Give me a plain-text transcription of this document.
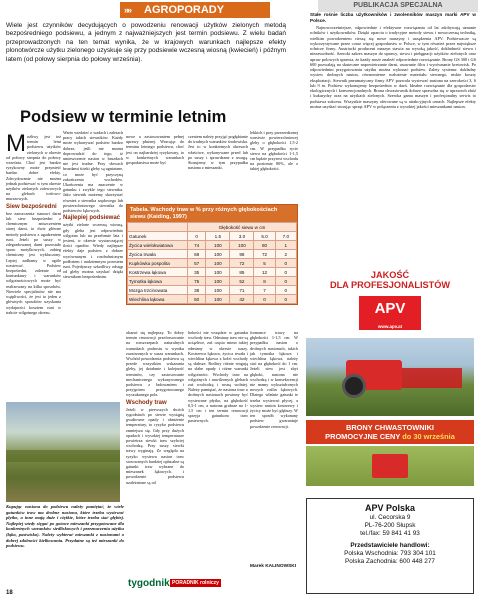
»» AGROPORADY	PUBLIKACJA SPECJALNA
Wiele jest czynników decydujących o powodzeniu renowacji użytków zielonych metodą bezpośredniego podsiewu, a jednym z najważniejszych jest termin podsiewu. Z wielu badań przeprowadzonych na ten temat wynika, że w krajowych warunkach najlepsze efekty plonotwórcze użytku zielonego uzyskuje się przy podsiewie wczesną wiosną (kwiecień) i późnym latem (od połowy sierpnia do połowy września).
Podsiew w terminie letnim
M ożliwy jest też termin letni podsiewu użytków zielonych w okresie od połowy sierpnia do połowy września. Choć jest bardzo ryzykowny może przynieść bardzo dobre efekty. Zdecydowanie nie można jednak podsiewać w tym okresie użytków zielonych zalewowych na glebach torfowo-murszowych.
Siew bezpośredni
bez zaoszczenia stanowi darni lub siew bezpośredni z chemicznym zniszczeniem starej darni, to dwie główne metody podsiewu z ugadzeniem runi. Jeżeli po suszy w zdegradowanej darni pozostało sporo motylkowych, zabieg chemiczny jest wykluczony. Lepiej zadbamy w ogóle rozsiewać. Podsiew bezpośredni, zależnie od koniunktury i warunków wilgotnościowych może być realizowany na kilka sposobów. Niewiele specjalistów nie ma wątpliwości, że jest to jeden z głównych sposobów uzyskania wydajności kosztem runi w trakcie wilgotnego okresu.
Warto wiedzieć o wadach i zaletach pracy takich siewników. Każdy może wykonywać podsiew bardzo dobrze, jeśli nie można doprowadzić do tego, iż umieszczenie nasion w bruzdach nie jest trudne. Przy słowach bruzdami ścieki gleby są ugniatane, co może być przyczyną zakończenia wschodów. Ukończenia ma znaczenie w gatunku i zwykle tego siewnika. Jako siewnik możemy skorzystać również z siewnika rzędowego lub powierzchniowego siewnika do podsiewów łąkowych.
Najlepiej podsiewać
użytki zielone wczesną wiosną, gdy gleba jest odpowiednio wilgotna lub na przełomie lata i jesieni, w okresie wystarczającej ilości opadów. Wtedy najlepsze efekty daje podsiew z dobrze wyrównanym i rozdrobnionym podłożem i nadziemnym porostem runi. Pojedynczy szkodliwy odstęp od gleby można uzyskać dzięki siewnikom bezpośrednim.
nowe a zastosowaniem pełnej uprawy płużnej. Wracając do terminu letniego podsiewu, choć jest on najbardziej ryzykowny, to w konkretnych warunkach gospodarstwa może być
czeniem należy przyjąć pogłębianie do trudnych warunków środowiska. Jest to w konkretnych okresach właściwe, wykonywane przed lub po suszy i sprawdzane z uwagą. Stosujemy w tym przypadku nasiona z mieszanki.
lekkich i przy przerzedzonej warstwie powierzchniowej gleby o głębokości 1,5-2 cm. W przypadku rycie siewu na głębokości 1-1,5 cm będzie przyrost wschodu na poziomie 80%, ale z takiej głębokości.
Tabela. Wschody traw w % przy różnych głębokościach siewu (Kaiding, 1997)
	Głębokość siewu w cm				
Gatunek	0	1.5	3.0	5.0	7.0
Życica wielokwiatowa	74	100	100	80	1
Życica trwała	68	100	98	72	2
Kupkówka pospolita	57	100	72	5	0
Kostrzewa łąkowa	35	100	85	12	0
Tymotka łąkowa	75	100	52	8	0
Mozga trzcinowata	38	100	71	7	0
Wiechlina łąkowa	50	100	42	0	0
Kupując nasiona do podsiewu należy pamiętać, że wiele gatunków traw ma drobne nasiona, które trzeba wysiewać płytko, a inne mają duże i ciężkie, które trzeba siać głębiej. Najlepiej wtedy sięgać po gotowe mieszanki przygotowane dla konkretnych warunków siedliskowych i przeznaczenia użytku (łąka, pastwisko). Należy wybierać mieszanki z nasionami o dobrej zdolności kiełkowania. Przydatne są też mieszanki do podsiewu.
okazać się najlepszy. To dobry termin renowacji przeforsowanie na rozszczepach naturalnych warunkach podrostu w wyniku zaostrzonych w susza warunkach. Wschód powodzenia podsiewu są przede wszystkim wskazania gleby, jej działanie i kolejność terminów, czy zastosowanie mechanicznego wykonywanego podsiewu z ładowaniem i przyjęciem przygotowanego wyszukanego pola.
Wschody traw
Jeżeli w pierwszych dwóch tygodniach po siewie wystąpią gwałtowne opady i obniżenie temperatury, to ryzyko podsiewu zmniejsza się. Gdy przy dużych opadach i wysokiej temperaturze powietrza siewki traw szybciej wschodzą. Przy suszy siewki trawy wyginają. Ze względu na ryzyko wysiewu nasion traw stosowanych bardziej opłacalne są gatunki traw wybrane do mieszanek łąkowych.	i powodzenie podsiewu uzależnione są od
bokości nie wszędzie w gatunku wschody traw. Odmiany traw nie są uciążliwe, zaś często mimo takiej odmiany w okresie suszy. Kostrzewa łąkowa, życica trwała i wiechlina łąkowa z kolei wschody są słabsze. Rośliny różnie reagują na słabe opady i różne warunki wilgotności. Wschody traw na wilgotnych i nawilżonych glebach zaś wschodzą i rosną wolniej. Należy pamiętać, że nasiona traw o drobnych nasionach powinny być wysiewane płytko, na głębokość 0,5-1 cm, a nasiona grubsze na 1-1,5 cm i ten termin renowacji sprzyja gatunkom traw pastewnych.
formance trawy na głębokości 1-1,5 cm. W przypadku nasion o drobnych nasionach, takich jak tymotka łąkowa i wiechlina łąkowa, należy siać na głębokość do 1 cm. Jeżeli siew jest zbyt głęboki, nasiona nie wschodzą i w konsekwencji nie mamy wykształconych nowych roślin łąkowych. Dlatego właśnie gatunki te trzeba wysiewać płycej, a wysiew nasion kostrzewy i życicy może być głębszy. W ten sposób wykonany podsiew gwarantuje powodzenie renowacji.
Marek KALINOWSKI
tygodnik PORADNIK rolniczy
18
Stałe rośnie liczba użytkowników i zwolenników maszyn marki APV w Polsce.
Najnowocześniejsze, odpowiednie i efektywne rozwiązania od lat zdobywają uznanie rolników i użytkowników. Dzięki oparciu o tradycyjne metody siewu i nowoczesną technikę, wielkim powodzeniem cieszą się nowe maszyny i urządzenia APV. Podsiewacze są wykorzystywane przez coraz więcej gospodarstw w Polsce, w tym również przez największe rolnicze firmy. Austriacki producent maszyn stawia na wysoką jakość, dokładność siewu i niezawodność. Szeroki zakres maszyn do uprawy, siewu i pielęgnacji użytków zielonych oraz upraw polowych sprawia, że każdy może znaleźć odpowiednie rozwiązanie. Brony GS 300 i GS 600 pozwalają na skuteczne napowietrzanie darni, usuwanie filcu i wyrównanie kretowisk. Po odpowiednim przygotowaniu użytku można wykonać podsiew. Zalety systemu: dokładny wysiew drobnych nasion, równomierne rozłożenie materiału siewnego, niskie koszty eksploatacji. Siewnik pneumatyczny firmy APV pozwala wysiewać nasiona na szerokości 3, 6 lub 9 m. Podsiew wykonujemy bezpośrednio w darń. Idealne rozwiązanie dla gospodarstw ekologicznych i konwencjonalnych. Brona chwastownik dobrze sprawdza się w uprawach zbóż i kukurydzy oraz na użytkach zielonych. Szeroka gama maszyn i profesjonalny serwis to podstawa sukcesu. Wszystkie maszyny oferowane są w atrakcyjnych cenach. Najlepsze efekty można uzyskać stosując sprzęt APV w połączeniu z wysokiej jakości mieszankami nasion.
JAKOŚĆ
DLA PROFESJONALISTÓW
APV
www.apv.at
BRONY CHWASTOWNIKI
PROMOCYJNE CENY do 30 września
APV Polska
ul. Cecorska 9
PL-76-200 Słupsk
tel./fax: 59 841 41 93
Przedstawiciele handlowi:
Polska Wschodnia: 793 304 101
Polska Zachodnia: 600 448 277
